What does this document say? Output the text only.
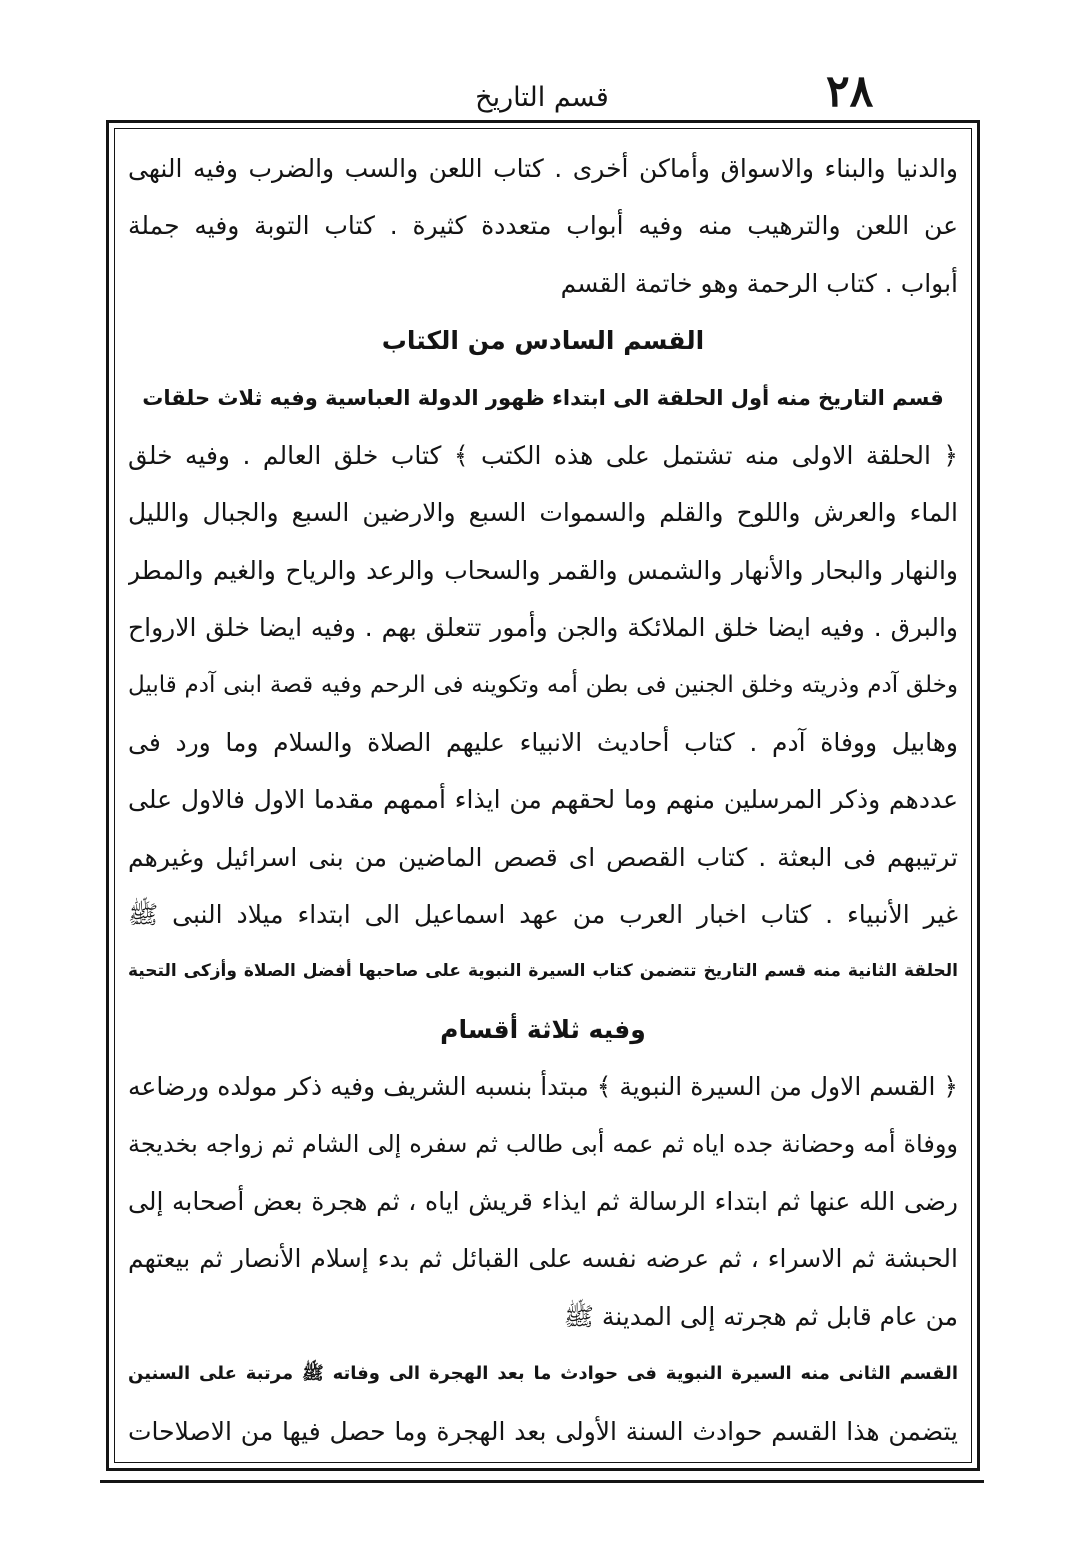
٢٨
قسم التاريخ
والدنيا والبناء والاسواق وأماكن أخرى . كتاب اللعن والسب والضرب وفيه النهى
عن اللعن والترهيب منه وفيه أبواب متعددة كثيرة . كتاب التوبة وفيه جملة
أبواب . كتاب الرحمة وهو خاتمة القسم
القسم السادس من الكتاب
قسم التاريخ منه أول الحلقة الى ابتداء ظهور الدولة العباسية وفيه ثلاث حلقات
﴿ الحلقة الاولى منه تشتمل على هذه الكتب ﴾ كتاب خلق العالم . وفيه خلق
الماء والعرش واللوح والقلم والسموات السبع والارضين السبع والجبال والليل
والنهار والبحار والأنهار والشمس والقمر والسحاب والرعد والرياح والغيم والمطر
والبرق . وفيه ايضا خلق الملائكة والجن وأمور تتعلق بهم . وفيه ايضا خلق الارواح
وخلق آدم وذريته وخلق الجنين فى بطن أمه وتكوينه فى الرحم وفيه قصة ابنى آدم قابيل
وهابيل ووفاة آدم . كتاب أحاديث الانبياء عليهم الصلاة والسلام وما ورد فى
عددهم وذكر المرسلين منهم وما لحقهم من ايذاء أممهم مقدما الاول فالاول على
ترتيبهم فى البعثة . كتاب القصص اى قصص الماضين من بنى اسرائيل وغيرهم
غير الأنبياء . كتاب اخبار العرب من عهد اسماعيل الى ابتداء ميلاد النبى ﷺ
الحلقة الثانية منه قسم التاريخ تتضمن كتاب السيرة النبوية على صاحبها أفضل الصلاة وأزكى التحية
وفيه ثلاثة أقسام
﴿ القسم الاول من السيرة النبوية ﴾ مبتدأ بنسبه الشريف وفيه ذكر مولده ورضاعه
ووفاة أمه وحضانة جده اياه ثم عمه أبى طالب ثم سفره إلى الشام ثم زواجه بخديجة
رضى الله عنها ثم ابتداء الرسالة ثم ايذاء قريش اياه ، ثم هجرة بعض أصحابه إلى
الحبشة ثم الاسراء ، ثم عرضه نفسه على القبائل ثم بدء إسلام الأنصار ثم بيعتهم
من عام قابل ثم هجرته إلى المدينة ﷺ
القسم الثانى منه السيرة النبوية فى حوادث ما بعد الهجرة الى وفاته ﷺ مرتبة على السنين
يتضمن هذا القسم حوادث السنة الأولى بعد الهجرة وما حصل فيها من الاصلاحات
